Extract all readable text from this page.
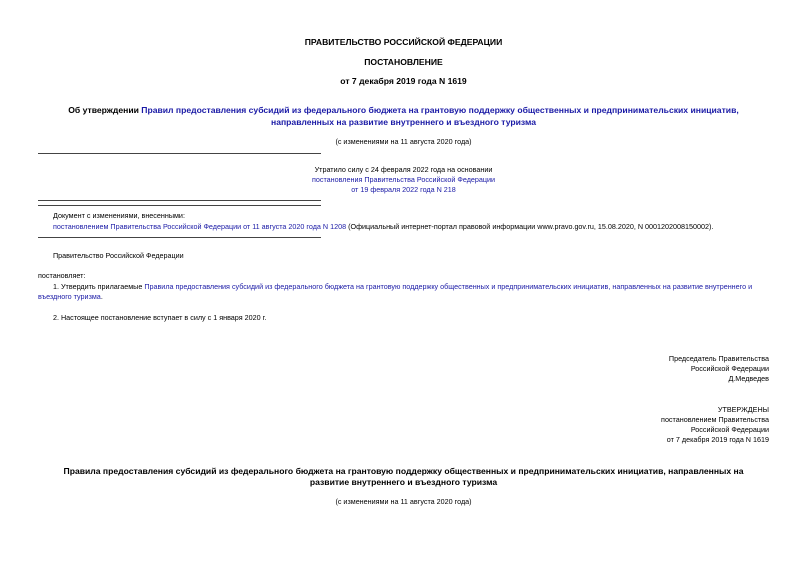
ПРАВИТЕЛЬСТВО РОССИЙСКОЙ ФЕДЕРАЦИИ
ПОСТАНОВЛЕНИЕ
от 7 декабря 2019 года N 1619
Об утверждении Правил предоставления субсидий из федерального бюджета на грантовую поддержку общественных и предпринимательских инициатив,
направленных на развитие внутреннего и въездного туризма
(с изменениями на 11 августа 2020 года)
Утратило силу с 24 февраля 2022 года на основании
постановления Правительства Российской Федерации
от 19 февраля 2022 года N 218
Документ с изменениями, внесенными:
постановлением Правительства Российской Федерации от 11 августа 2020 года N 1208 (Официальный интернет-портал правовой информации www.pravo.gov.ru, 15.08.2020, N 0001202008150002).
Правительство Российской Федерации
постановляет:
1. Утвердить прилагаемые Правила предоставления субсидий из федерального бюджета на грантовую поддержку общественных и предпринимательских инициатив, направленных на развитие внутреннего и
въездного туризма.
2. Настоящее постановление вступает в силу с 1 января 2020 г.
Председатель Правительства
Российской Федерации
Д.Медведев
УТВЕРЖДЕНЫ
постановлением Правительства
Российской Федерации
от 7 декабря 2019 года N 1619
Правила предоставления субсидий из федерального бюджета на грантовую поддержку общественных и предпринимательских инициатив, направленных на
развитие внутреннего и въездного туризма
(с изменениями на 11 августа 2020 года)
